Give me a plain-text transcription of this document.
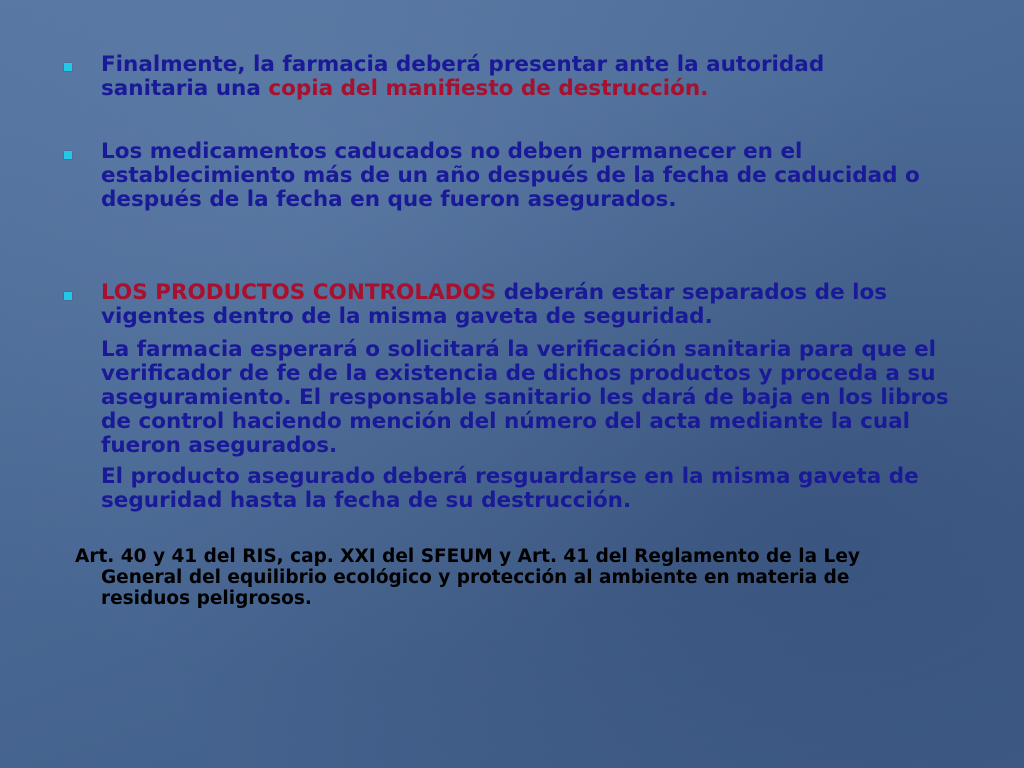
Finalmente, la farmacia deberá presentar ante la autoridad sanitaria una copia del manifiesto de destrucción.
Los medicamentos caducados no deben permanecer en el establecimiento más de un año después de la fecha de caducidad o después de la fecha en que fueron asegurados.
LOS PRODUCTOS CONTROLADOS deberán estar separados de los vigentes dentro de la misma gaveta de seguridad.
La farmacia esperará o solicitará la verificación sanitaria para que el verificador de fe de la existencia de dichos productos y proceda a su aseguramiento. El responsable sanitario les dará de baja en los libros de control haciendo mención del número del acta mediante la cual fueron asegurados.
El producto asegurado deberá resguardarse en la misma gaveta de seguridad hasta la fecha de su destrucción.
Art. 40 y 41 del RIS, cap. XXI del SFEUM y Art. 41 del Reglamento de la Ley
General del equilibrio ecológico y protección al ambiente en materia de residuos peligrosos.
